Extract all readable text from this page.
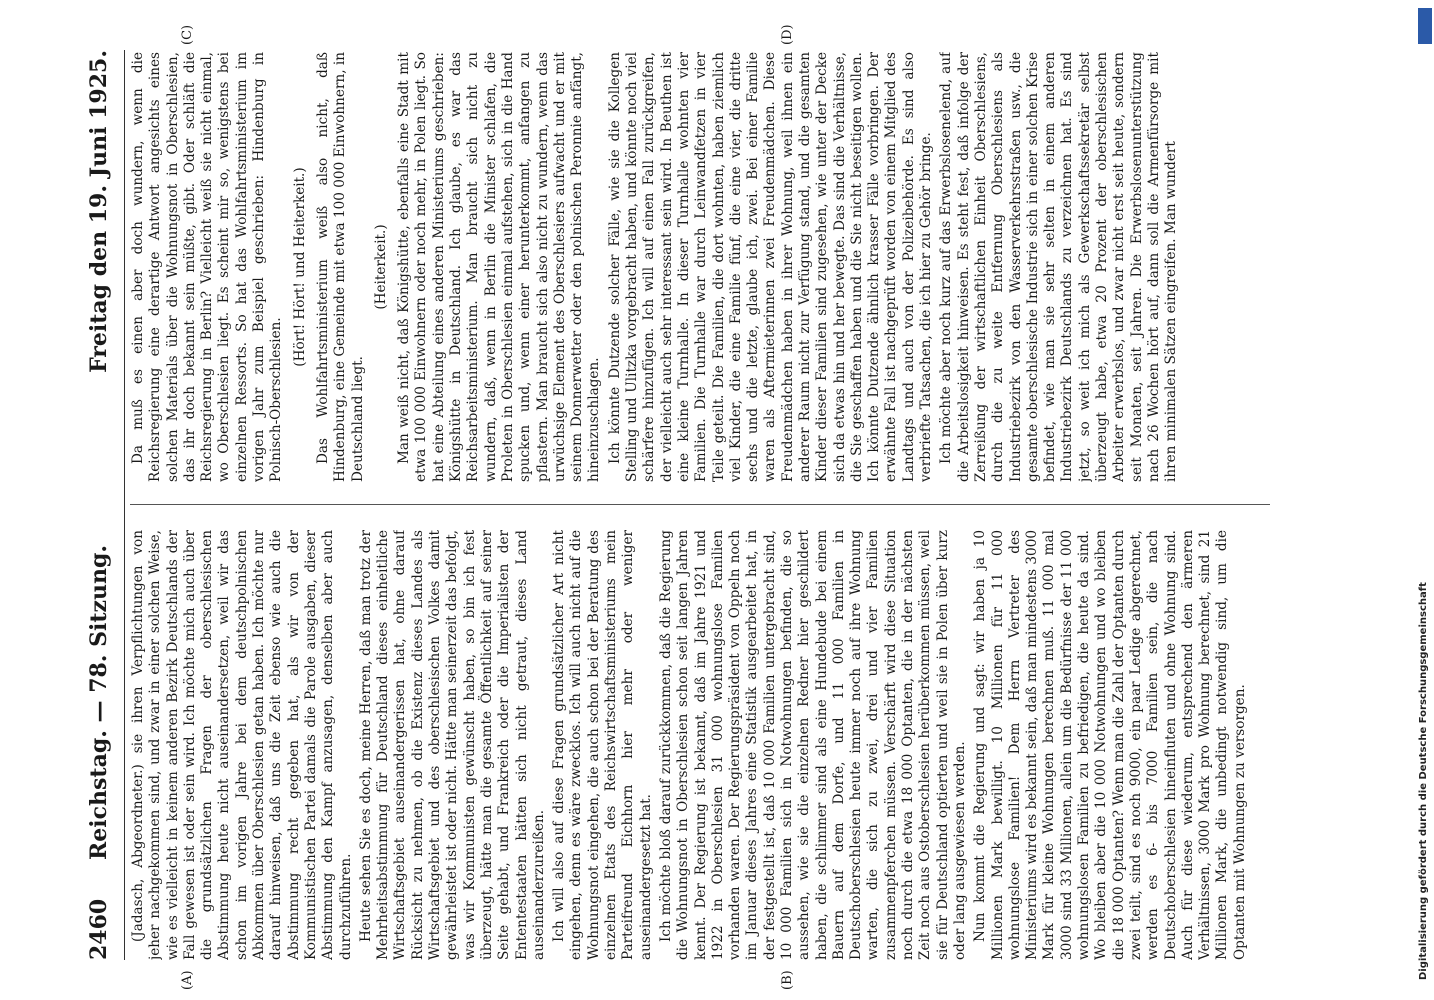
2460
Reichstag. — 78. Sitzung.
Freitag den 19. Juni 1925.

(Jadasch, Abgeordneter.) sie ihren Verpflichtungen von jeher nachgekommen sind, und zwar in einer solchen Weise, wie es vielleicht in keinem anderen Bezirk Deutschlands der Fall gewesen ist oder sein wird. Ich möchte mich auch über die grundsätzlichen Fragen der oberschlesischen Abstimmung heute nicht auseinandersetzen, weil wir das schon im vorigen Jahre bei dem deutschpolnischen Abkommen über Oberschlesien getan haben. Ich möchte nur darauf hinweisen, daß uns die Zeit ebenso wie auch die Abstimmung recht gegeben hat, als wir von der Kommunistischen Partei damals die Parole ausgaben, dieser Abstimmung den Kampf anzusagen, denselben aber auch durchzuführen. Heute sehen Sie es doch, meine Herren, daß man trotz der Mehrheitsabstimmung für Deutschland dieses einheitliche Wirtschaftsgebiet auseinandergerissen hat, ohne darauf Rücksicht zu nehmen, ob die Existenz dieses Landes als Wirtschaftsgebiet und des oberschlesischen Volkes damit gewährleistet ist oder nicht. Hätte man seinerzeit das befolgt, was wir Kommunisten gewünscht haben, so bin ich fest überzeugt, hätte man die gesamte Öffentlichkeit auf seiner Seite gehabt, und Frankreich oder die Imperialisten der Ententestaaten hätten sich nicht getraut, dieses Land auseinanderzureißen. Ich will also auf diese Fragen grundsätzlicher Art nicht eingehen, denn es wäre zwecklos. Ich will auch nicht auf die Wohnungsnot eingehen, die auch schon bei der Beratung des einzelnen Etats des Reichswirtschaftsministeriums mein Parteifreund Eichhorn hier mehr oder weniger auseinandergesetzt hat. Ich möchte bloß darauf zurückkommen, daß die Regierung die Wohnungsnot in Oberschlesien schon seit langen Jahren kennt. Der Regierung ist bekannt, daß im Jahre 1921 und 1922 in Oberschlesien 31 000 wohnungslose Familien vorhanden waren. Der Regierungspräsident von Oppeln noch im Januar dieses Jahres eine Statistik ausgearbeitet hat, in der festgestellt ist, daß 10 000 Familien untergebracht sind, 10 000 Familien sich in Notwohnungen befinden, die so aussehen, wie sie die einzelnen Redner hier geschildert haben, die schlimmer sind als eine Hundebude bei einem Bauern auf dem Dorfe, und 11 000 Familien in Deutschoberschlesien heute immer noch auf ihre Wohnung warten, die sich zu zwei, drei und vier Familien zusammenpferchen müssen. Verschärft wird diese Situation noch durch die etwa 18 000 Optanten, die in der nächsten Zeit noch aus Ostoberschlesien herüberkommen müssen, weil sie für Deutschland optierten und weil sie in Polen über kurz oder lang ausgewiesen werden. Nun kommt die Regierung und sagt: wir haben ja 10 Millionen Mark bewilligt. 10 Millionen für 11 000 wohnungslose Familien! Dem Herrn Vertreter des Ministeriums wird es bekannt sein, daß man mindestens 3000 Mark für kleine Wohnungen berechnen muß. 11 000 mal 3000 sind 33 Millionen, allein um die Bedürfnisse der 11 000 wohnungslosen Familien zu befriedigen, die heute da sind. Wo bleiben aber die 10 000 Notwohnungen und wo bleiben die 18 000 Optanten? Wenn man die Zahl der Optanten durch zwei teilt, sind es noch 9000, ein paar Ledige abgerechnet, werden es 6- bis 7000 Familien sein, die nach Deutschoberschlesien hineinfluten und ohne Wohnung sind. Auch für diese wiederum, entsprechend den ärmeren Verhältnissen, 3000 Mark pro Wohnung berechnet, sind 21 Millionen Mark, die unbedingt notwendig sind, um die Optanten mit Wohnungen zu versorgen.

Da muß es einen aber doch wundern, wenn die Reichsregierung eine derartige Antwort angesichts eines solchen Materials über die Wohnungsnot in Oberschlesien, das ihr doch bekannt sein müßte, gibt. Oder schläft die Reichsregierung in Berlin? Vielleicht weiß sie nicht einmal, wo Oberschlesien liegt. Es scheint mir so, wenigstens bei einzelnen Ressorts. So hat das Wohlfahrtsministerium im vorigen Jahr zum Beispiel geschrieben: Hindenburg in Polnisch-Oberschlesien.

(Hört! Hört! und Heiterkeit.) Das Wohlfahrtsministerium weiß also nicht, daß Hindenburg, eine Gemeinde mit etwa 100 000 Einwohnern, in Deutschland liegt.

(Heiterkeit.) Man weiß nicht, daß Königshütte, ebenfalls eine Stadt mit etwa 100 000 Einwohnern oder noch mehr, in Polen liegt. So hat eine Abteilung eines anderen Ministeriums geschrieben: Königshütte in Deutschland. Ich glaube, es war das Reichsarbeitsministerium. Man braucht sich nicht zu wundern, daß, wenn in Berlin die Minister schlafen, die Proleten in Oberschlesien einmal aufstehen, sich in die Hand spucken und, wenn einer herunterkommt, anfangen zu pflastern. Man braucht sich also nicht zu wundern, wenn das urwüchsige Element des Oberschlesiers aufwacht und er mit seinem Donnerwetter oder den polnischen Peronnie anfängt, hineinzuschlagen. Ich könnte Dutzende solcher Fälle, wie sie die Kollegen Stelling und Ulitzka vorgebracht haben, und könnte noch viel schärfere hinzufügen. Ich will auf einen Fall zurückgreifen, der vielleicht auch sehr interessant sein wird. In Beuthen ist eine kleine Turnhalle. In dieser Turnhalle wohnten vier Familien. Die Turnhalle war durch Leinwandfetzen in vier Teile geteilt. Die Familien, die dort wohnten, haben ziemlich viel Kinder, die eine Familie fünf, die eine vier, die dritte sechs und die letzte, glaube ich, zwei. Bei einer Familie waren als Aftermieterinnen zwei Freudenmädchen. Diese Freudenmädchen haben in ihrer Wohnung, weil ihnen ein anderer Raum nicht zur Verfügung stand, und die gesamten Kinder dieser Familien sind zugesehen, wie unter der Decke sich da etwas hin und her bewegte. Das sind die Verhältnisse, die Sie geschaffen haben und die Sie nicht beseitigen wollen. Ich könnte Dutzende ähnlich krasser Fälle vorbringen. Der erwähnte Fall ist nachgeprüft worden von einem Mitglied des Landtags und auch von der Polizeibehörde. Es sind also verbriefte Tatsachen, die ich hier zu Gehör bringe. Ich möchte aber noch kurz auf das Erwerbslosenelend, auf die Arbeitslosigkeit hinweisen. Es steht fest, daß infolge der Zerreißung der wirtschaftlichen Einheit Oberschlesiens, durch die zu weite Entfernung Oberschlesiens als Industriebezirk von den Wasserverkehrsstraßen usw., die gesamte oberschlesische Industrie sich in einer solchen Krise befindet, wie man sie sehr selten in einem anderen Industriebezirk Deutschlands zu verzeichnen hat. Es sind jetzt, so weit ich mich als Gewerkschaftssekretär selbst überzeugt habe, etwa 20 Prozent der oberschlesischen Arbeiter erwerbslos, und zwar nicht erst seit heute, sondern seit Monaten, seit Jahren. Die Erwerbslosenunterstützung nach 26 Wochen hört auf, dann soll die Armenfürsorge mit ihren minimalen Sätzen eingreifen. Man wundert

(A)	(B)
(C)	(D)
Digitalisierung gefördert durch die Deutsche Forschungsgemeinschaft
